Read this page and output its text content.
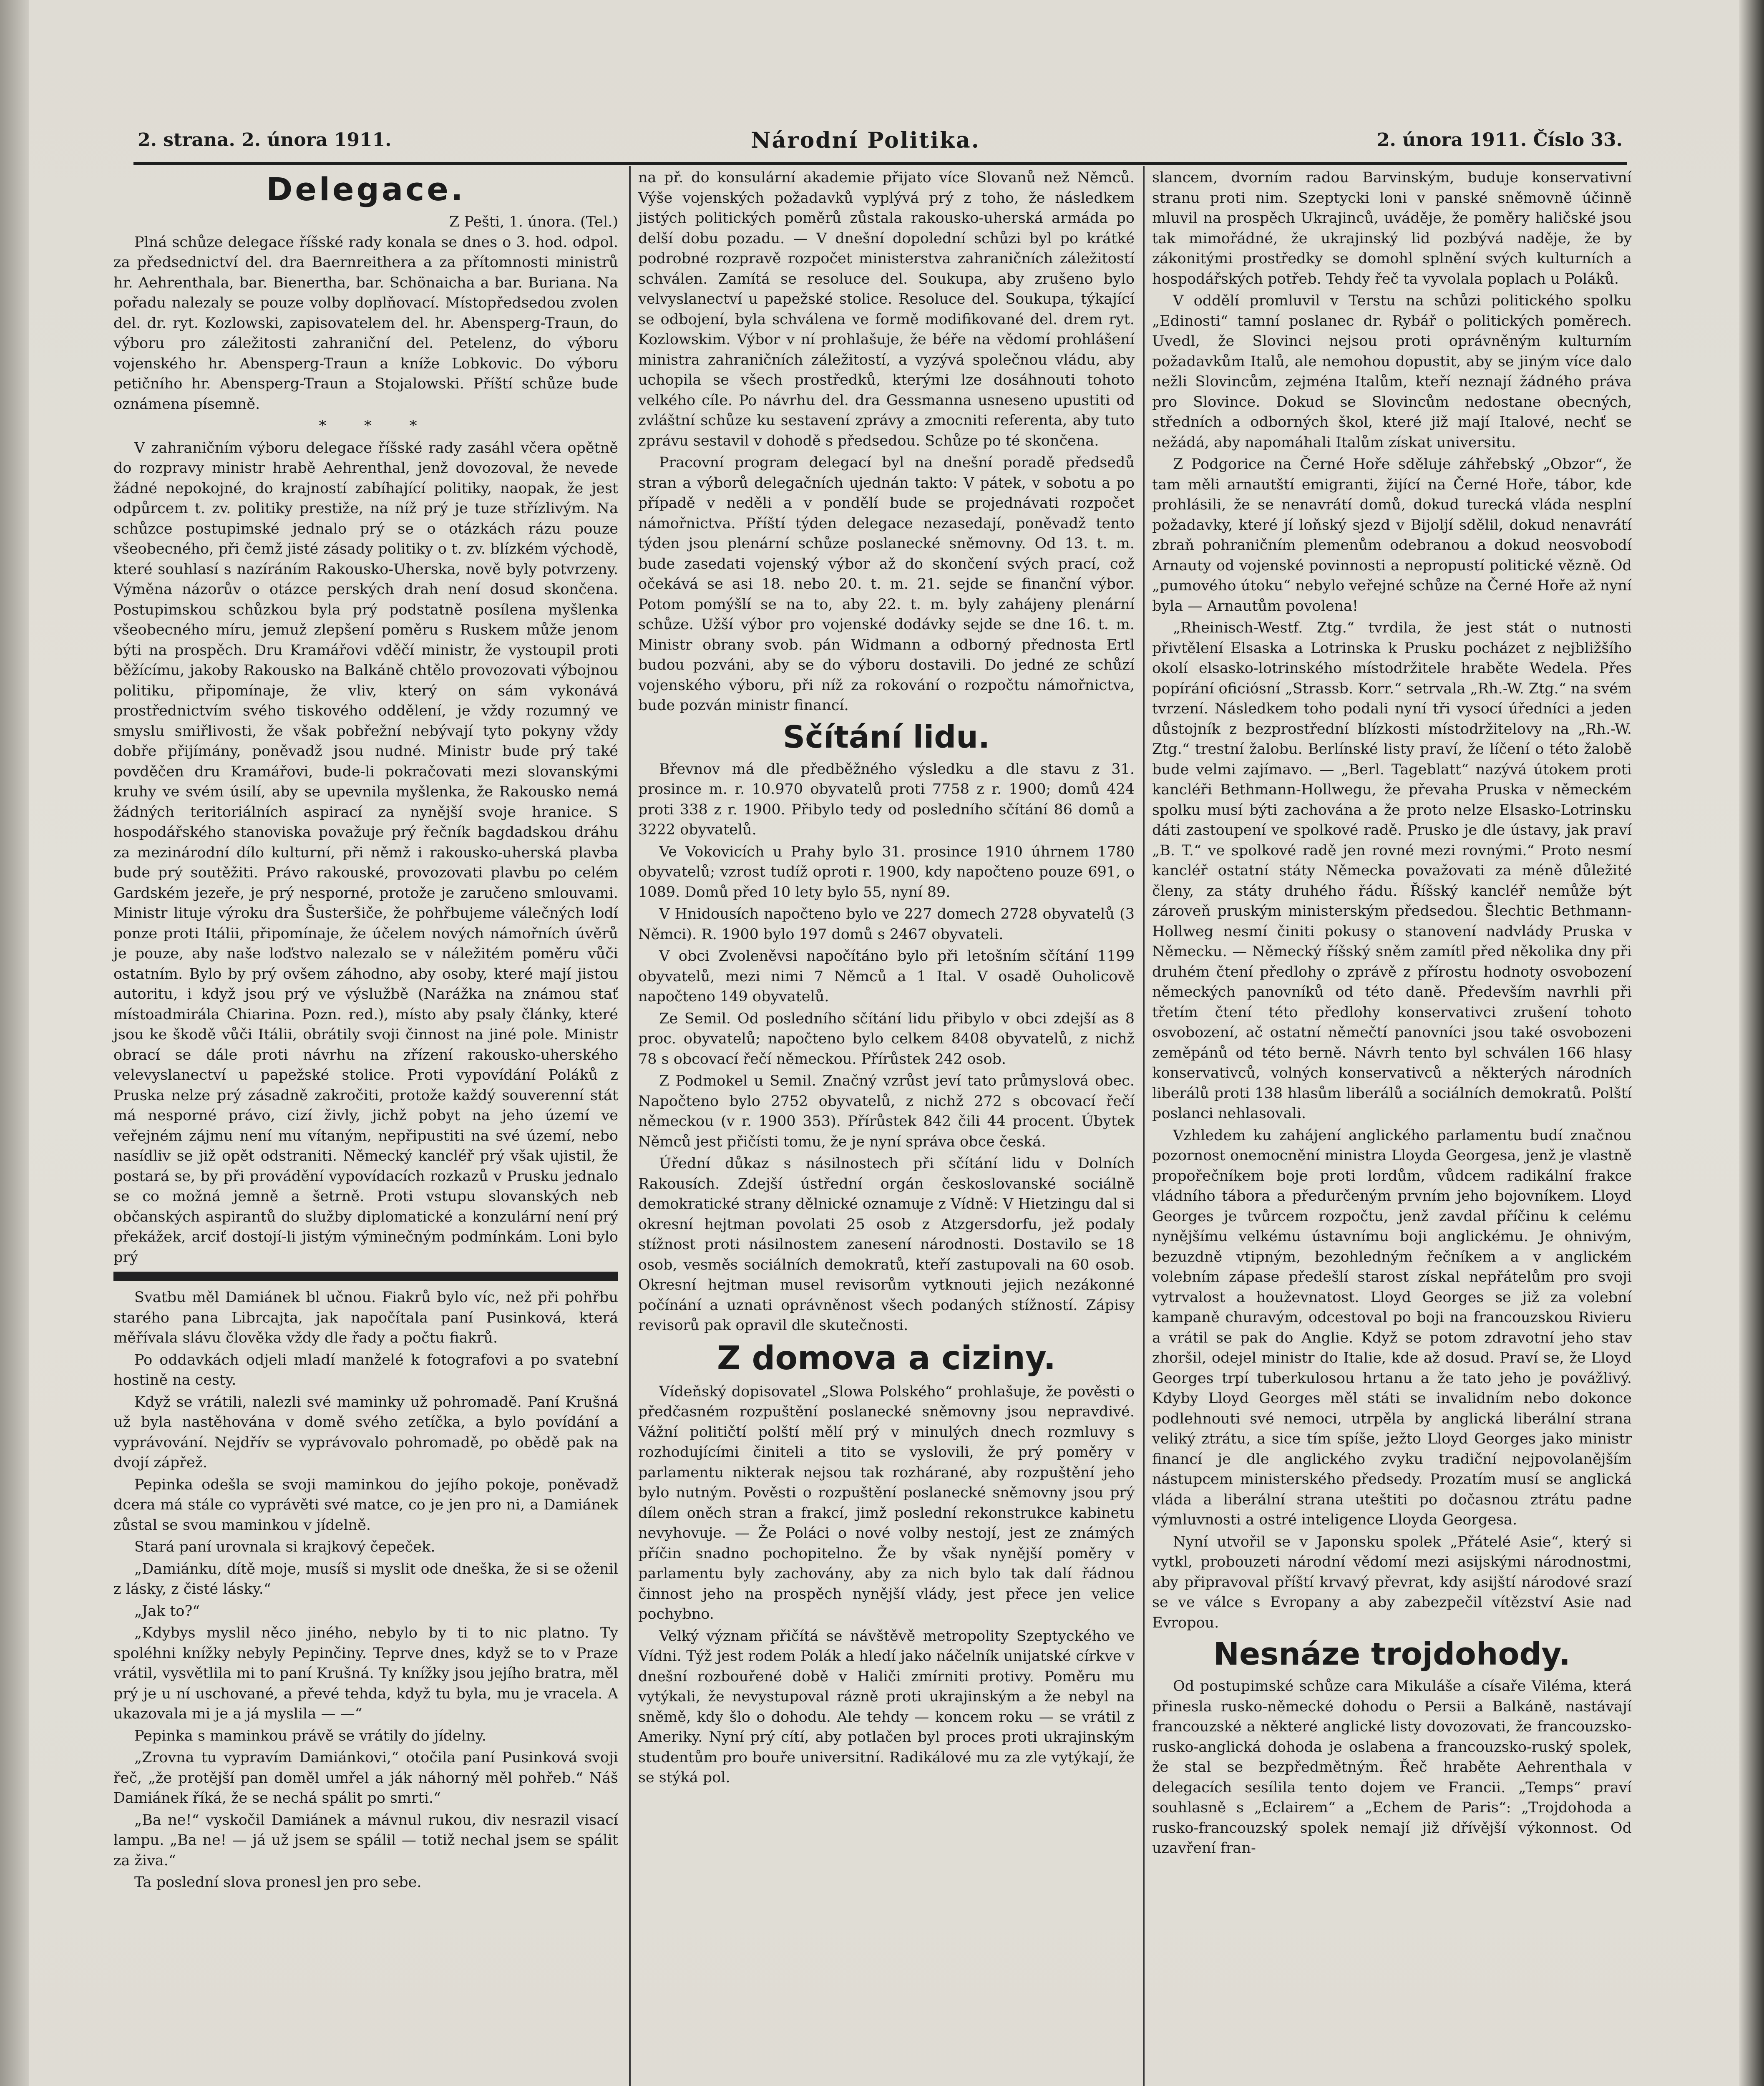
2. strana. 2. února 1911.	Národní Politika.	2. února 1911. Číslo 33.

Delegace.

Z Pešti, 1. února. (Tel.)

Plná schůze delegace říšské rady konala se dnes o 3. hod. odpol. za předsednictví del. dra Baernreithera a za přítomnosti ministrů hr. Aehrenthala, bar. Bienertha, bar. Schönaicha a bar. Buriana. Na pořadu nalezaly se pouze volby doplňovací. Místopředsedou zvolen del. dr. ryt. Kozlowski, zapisovatelem del. hr. Abensperg-Traun, do výboru pro záležitosti zahraniční del. Petelenz, do výboru vojenského hr. Abensperg-Traun a kníže Lobkovic. Do výboru petičního hr. Abensperg-Traun a Stojalowski. Příští schůze bude oznámena písemně.

* * *

V zahraničním výboru delegace říšské rady zasáhl včera opětně do rozpravy ministr hrabě Aehrenthal, jenž dovozoval, že nevede žádné nepokojné, do krajností zabíhající politiky, naopak, že jest odpůrcem t. zv. politiky prestiže, na níž prý je tuze střízlivým. Na schůzce postupimské jednalo prý se o otázkách rázu pouze všeobecného, při čemž jisté zásady politiky o t. zv. blízkém východě, které souhlasí s nazíráním Rakousko-Uherska, nově byly potvrzeny. Výměna názorův o otázce perských drah není dosud skončena. Postupimskou schůzkou byla prý podstatně posílena myšlenka všeobecného míru, jemuž zlepšení poměru s Ruskem může jenom býti na prospěch. Dru Kramářovi vděčí ministr, že vystoupil proti běžícímu, jakoby Rakousko na Balkáně chtělo provozovati výbojnou politiku, připomínaje, že vliv, který on sám vykonává prostřednictvím svého tiskového oddělení, je vždy rozumný ve smyslu smiřlivosti, že však pobřežní nebývají tyto pokyny vždy dobře přijímány, poněvadž jsou nudné. Ministr bude prý také povděčen dru Kramářovi, bude-li pokračovati mezi slovanskými kruhy ve svém úsilí, aby se upevnila myšlenka, že Rakousko nemá žádných teritoriálních aspirací za nynější svoje hranice. S hospodářského stanoviska považuje prý řečník bagdadskou dráhu za mezinárodní dílo kulturní, při němž i rakousko-uherská plavba bude prý soutěžiti. Právo rakouské, provozovati plavbu po celém Gardském jezeře, je prý nesporné, protože je zaručeno smlouvami. Ministr lituje výroku dra Šusteršiče, že pohřbujeme válečných lodí ponze proti Itálii, připomínaje, že účelem nových námořních úvěrů je pouze, aby naše loďstvo nalezalo se v náležitém poměru vůči ostatním. Bylo by prý ovšem záhodno, aby osoby, které mají jistou autoritu, i když jsou prý ve výslužbě (Narážka na známou stať místoadmirála Chiarina. Pozn. red.), místo aby psaly články, které jsou ke škodě vůči Itálii, obrátily svoji činnost na jiné pole. Ministr obrací se dále proti návrhu na zřízení rakousko-uherského velevyslanectví u papežské stolice. Proti vypovídání Poláků z Pruska nelze prý zásadně zakročiti, protože každý souverenní stát má nesporné právo, cizí živly, jichž pobyt na jeho území ve veřejném zájmu není mu vítaným, nepřipustiti na své území, nebo nasídliv se již opět odstraniti. Německý kancléř prý však ujistil, že postará se, by při provádění vypovídacích rozkazů v Prusku jednalo se co možná jemně a šetrně. Proti vstupu slovanských neb občanských aspirantů do služby diplomatické a konzulární není prý překážek, arciť dostojí-li jistým výminečným podmínkám. Loni bylo prý

Svatbu měl Damiánek bl učnou. Fiakrů bylo víc, než při pohřbu starého pana Librcajta, jak napočítala paní Pusinková, která měřívala slávu člověka vždy dle řady a počtu fiakrů.

Po oddavkách odjeli mladí manželé k fotografovi a po svatební hostině na cesty.

Když se vrátili, nalezli své maminky už pohromadě. Paní Krušná už byla nastěhována v domě svého zetíčka, a bylo povídání a vyprávování. Nejdřív se vyprávovalo pohromadě, po obědě pak na dvojí zápřež.

Pepinka odešla se svoji maminkou do jejího pokoje, poněvadž dcera má stále co vyprávěti své matce, co je jen pro ni, a Damiánek zůstal se svou maminkou v jídelně.

Stará paní urovnala si krajkový čepeček.

„Damiánku, dítě moje, musíš si myslit ode dneška, že si se oženil z lásky, z čisté lásky.“

„Jak to?“

„Kdybys myslil něco jiného, nebylo by ti to nic platno. Ty spoléhni knížky nebyly Pepinčiny. Teprve dnes, když se to v Praze vrátil, vysvětlila mi to paní Krušná. Ty knížky jsou jejího bratra, měl prý je u ní uschované, a převé tehda, když tu byla, mu je vracela. A ukazovala mi je a já myslila — —“

Pepinka s maminkou právě se vrátily do jídelny.

„Zrovna tu vypravím Damiánkovi,“ otočila paní Pusinková svoji řeč, „že protější pan doměl umřel a ják náhorný měl pohřeb.“ Náš Damiánek říká, že se nechá spálit po smrti.“

„Ba ne!“ vyskočil Damiánek a mávnul rukou, div nesrazil visací lampu. „Ba ne! — já už jsem se spálil — totiž nechal jsem se spálit za živa.“

Ta poslední slova pronesl jen pro sebe.

na př. do konsulární akademie přijato více Slovanů než Němců. Výše vojenských požadavků vyplývá prý z toho, že následkem jistých politických poměrů zůstala rakousko-uherská armáda po delší dobu pozadu. — V dnešní dopolední schůzi byl po krátké podrobné rozpravě rozpočet ministerstva zahraničních záležitostí schválen. Zamítá se resoluce del. Soukupa, aby zrušeno bylo velvyslanectví u papežské stolice. Resoluce del. Soukupa, týkající se odbojení, byla schválena ve formě modifikované del. drem ryt. Kozlowskim. Výbor v ní prohlašuje, že béře na vědomí prohlášení ministra zahraničních záležitostí, a vyzývá společnou vládu, aby uchopila se všech prostředků, kterými lze dosáhnouti tohoto velkého cíle. Po návrhu del. dra Gessmanna usneseno upustiti od zvláštní schůze ku sestavení zprávy a zmocniti referenta, aby tuto zprávu sestavil v dohodě s předsedou. Schůze po té skončena.

Pracovní program delegací byl na dnešní poradě předsedů stran a výborů delegačních ujednán takto: V pátek, v sobotu a po případě v neděli a v pondělí bude se projednávati rozpočet námořnictva. Příští týden delegace nezasedají, poněvadž tento týden jsou plenární schůze poslanecké sněmovny. Od 13. t. m. bude zasedati vojenský výbor až do skončení svých prací, což očekává se asi 18. nebo 20. t. m. 21. sejde se finanční výbor. Potom pomýšlí se na to, aby 22. t. m. byly zahájeny plenární schůze. Užší výbor pro vojenské dodávky sejde se dne 16. t. m. Ministr obrany svob. pán Widmann a odborný přednosta Ertl budou pozváni, aby se do výboru dostavili. Do jedné ze schůzí vojenského výboru, při níž za rokování o rozpočtu námořnictva, bude pozván ministr financí.

Sčítání lidu.

Břevnov má dle předběžného výsledku a dle stavu z 31. prosince m. r. 10.970 obyvatelů proti 7758 z r. 1900; domů 424 proti 338 z r. 1900. Přibylo tedy od posledního sčítání 86 domů a 3222 obyvatelů.

Ve Vokovicích u Prahy bylo 31. prosince 1910 úhrnem 1780 obyvatelů; vzrost tudíž oproti r. 1900, kdy napočteno pouze 691, o 1089. Domů před 10 lety bylo 55, nyní 89.

V Hnidousích napočteno bylo ve 227 domech 2728 obyvatelů (3 Němci). R. 1900 bylo 197 domů s 2467 obyvateli.

V obci Zvoleněvsi napočítáno bylo při letošním sčítání 1199 obyvatelů, mezi nimi 7 Němců a 1 Ital. V osadě Ouholicově napočteno 149 obyvatelů.

Ze Semil. Od posledního sčítání lidu přibylo v obci zdejší as 8 proc. obyvatelů; napočteno bylo celkem 8408 obyvatelů, z nichž 78 s obcovací řečí německou. Přírůstek 242 osob.

Z Podmokel u Semil. Značný vzrůst jeví tato průmyslová obec. Napočteno bylo 2752 obyvatelů, z nichž 272 s obcovací řečí německou (v r. 1900 353). Přírůstek 842 čili 44 procent. Úbytek Němců jest přičísti tomu, že je nyní správa obce česká.

Úřední důkaz s násilnostech při sčítání lidu v Dolních Rakousích. Zdejší ústřední orgán českoslovanské sociálně demokratické strany dělnické oznamuje z Vídně: V Hietzingu dal si okresní hejtman povolati 25 osob z Atzgersdorfu, jež podaly stížnost proti násilnostem zanesení národnosti. Dostavilo se 18 osob, vesměs sociálních demokratů, kteří zastupovali na 60 osob. Okresní hejtman musel revisorům vytknouti jejich nezákonné počínání a uznati oprávněnost všech podaných stížností. Zápisy revisorů pak opravil dle skutečnosti.

Z domova a ciziny.

Vídeňský dopisovatel „Slowa Polského“ prohlašuje, že pověsti o předčasném rozpuštění poslanecké sněmovny jsou nepravdivé. Vážní političtí polští mělí prý v minulých dnech rozmluvy s rozhodujícími činiteli a tito se vyslovili, že prý poměry v parlamentu nikterak nejsou tak rozhárané, aby rozpuštění jeho bylo nutným. Pověsti o rozpuštění poslanecké sněmovny jsou prý dílem oněch stran a frakcí, jimž poslední rekonstrukce kabinetu nevyhovuje. — Že Poláci o nové volby nestojí, jest ze známých příčin snadno pochopitelno. Že by však nynější poměry v parlamentu byly zachovány, aby za nich bylo tak dalí řádnou činnost jeho na prospěch nynější vlády, jest přece jen velice pochybno.

Velký význam přičítá se návštěvě metropolity Szeptyckého ve Vídni. Týž jest rodem Polák a hledí jako náčelník unijatské církve v dnešní rozbouřené době v Haliči zmírniti protivy. Poměru mu vytýkali, že nevystupoval rázně proti ukrajinským a že nebyl na sněmě, kdy šlo o dohodu. Ale tehdy — koncem roku — se vrátil z Ameriky. Nyní prý cítí, aby potlačen byl proces proti ukrajinským studentům pro bouře universitní. Radikálové mu za zle vytýkají, že se stýká pol.

slancem, dvorním radou Barvinským, buduje konservativní stranu proti nim. Szeptycki loni v panské sněmovně účinně mluvil na prospěch Ukrajinců, uváděje, že poměry haličské jsou tak mimořádné, že ukrajinský lid pozbývá naděje, že by zákonitými prostředky se domohl splnění svých kulturních a hospodářských potřeb. Tehdy řeč ta vyvolala poplach u Poláků.

V oddělí promluvil v Terstu na schůzi politického spolku „Edinosti“ tamní poslanec dr. Rybář o politických poměrech. Uvedl, že Slovinci nejsou proti oprávněným kulturním požadavkům Italů, ale nemohou dopustit, aby se jiným více dalo nežli Slovincům, zejména Italům, kteří neznají žádného práva pro Slovince. Dokud se Slovincům nedostane obecných, středních a odborných škol, které již mají Italové, nechť se nežádá, aby napomáhali Italům získat universitu.

Z Podgorice na Černé Hoře sděluje záhřebský „Obzor“, že tam měli arnautští emigranti, žijící na Černé Hoře, tábor, kde prohlásili, že se nenavrátí domů, dokud turecká vláda nesplní požadavky, které jí loňský sjezd v Bijoljí sdělil, dokud nenavrátí zbraň pohraničním plemenům odebranou a dokud neosvobodí Arnauty od vojenské povinnosti a nepropustí politické vězně. Od „pumového útoku“ nebylo veřejné schůze na Černé Hoře až nyní byla — Arnautům povolena!

„Rheinisch-Westf. Ztg.“ tvrdila, že jest stát o nutnosti přivtělení Elsaska a Lotrinska k Prusku pocházet z nejbližšího okolí elsasko-lotrinského místodržitele hraběte Wedela. Přes popírání oficiósní „Strassb. Korr.“ setrvala „Rh.-W. Ztg.“ na svém tvrzení. Následkem toho podali nyní tři vysocí úředníci a jeden důstojník z bezprostřední blízkosti místodržitelovy na „Rh.-W. Ztg.“ trestní žalobu. Berlínské listy praví, že líčení o této žalobě bude velmi zajímavo. — „Berl. Tageblatt“ nazývá útokem proti kancléři Bethmann-Hollwegu, že převaha Pruska v německém spolku musí býti zachována a že proto nelze Elsasko-Lotrinsku dáti zastoupení ve spolkové radě. Prusko je dle ústavy, jak praví „B. T.“ ve spolkové radě jen rovné mezi rovnými.“ Proto nesmí kancléř ostatní státy Německa považovati za méně důležité členy, za státy druhého řádu. Říšský kancléř nemůže být zároveň pruským ministerským předsedou. Šlechtic Bethmann-Hollweg nesmí činiti pokusy o stanovení nadvlády Pruska v Německu. — Německý říšský sněm zamítl před několika dny při druhém čtení předlohy o zprávě z přírostu hodnoty osvobození německých panovníků od této daně. Především navrhli při třetím čtení této předlohy konservativci zrušení tohoto osvobození, ač ostatní němečtí panovníci jsou také osvobozeni zeměpánů od této berně. Návrh tento byl schválen 166 hlasy konservativců, volných konservativců a některých národních liberálů proti 138 hlasům liberálů a sociálních demokratů. Polští poslanci nehlasovali.

Vzhledem ku zahájení anglického parlamentu budí značnou pozornost onemocnění ministra Lloyda Georgesa, jenž je vlastně propořečníkem boje proti lordům, vůdcem radikální frakce vládního tábora a předurčeným prvním jeho bojovníkem. Lloyd Georges je tvůrcem rozpočtu, jenž zavdal příčinu k celému nynějšímu velkému ústavnímu boji anglickému. Je ohnivým, bezuzdně vtipným, bezohledným řečníkem a v anglickém volebním zápase předešlí starost získal nepřátelům pro svoji vytrvalost a houževnatost. Lloyd Georges se již za volební kampaně churavým, odcestoval po boji na francouzskou Rivieru a vrátil se pak do Anglie. Když se potom zdravotní jeho stav zhoršil, odejel ministr do Italie, kde až dosud. Praví se, že Lloyd Georges trpí tuberkulosou hrtanu a že tato jeho je povážlivý. Kdyby Lloyd Georges měl státi se invalidním nebo dokonce podlehnouti své nemoci, utrpěla by anglická liberální strana veliký ztrátu, a sice tím spíše, ježto Lloyd Georges jako ministr financí je dle anglického zvyku tradiční nejpovolanějším nástupcem ministerského předsedy. Prozatím musí se anglická vláda a liberální strana uteštiti po dočasnou ztrátu padne výmluvnosti a ostré inteligence Lloyda Georgesa.

Nyní utvořil se v Japonsku spolek „Přátelé Asie“, který si vytkl, probouzeti národní vědomí mezi asijskými národnostmi, aby připravoval příští krvavý převrat, kdy asijští národové srazí se ve válce s Evropany a aby zabezpečil vítězství Asie nad Evropou.

Nesnáze trojdohody.

Od postupimské schůze cara Mikuláše a císaře Viléma, která přinesla rusko-německé dohodu o Persii a Balkáně, nastávají francouzské a některé anglické listy dovozovati, že francouzsko-rusko-anglická dohoda je oslabena a francouzsko-ruský spolek, že stal se bezpředmětným. Řeč hraběte Aehrenthala v delegacích sesílila tento dojem ve Francii. „Temps“ praví souhlasně s „Eclairem“ a „Echem de Paris“: „Trojdohoda a rusko-francouzský spolek nemají již dřívější výkonnost. Od uzavření fran-
